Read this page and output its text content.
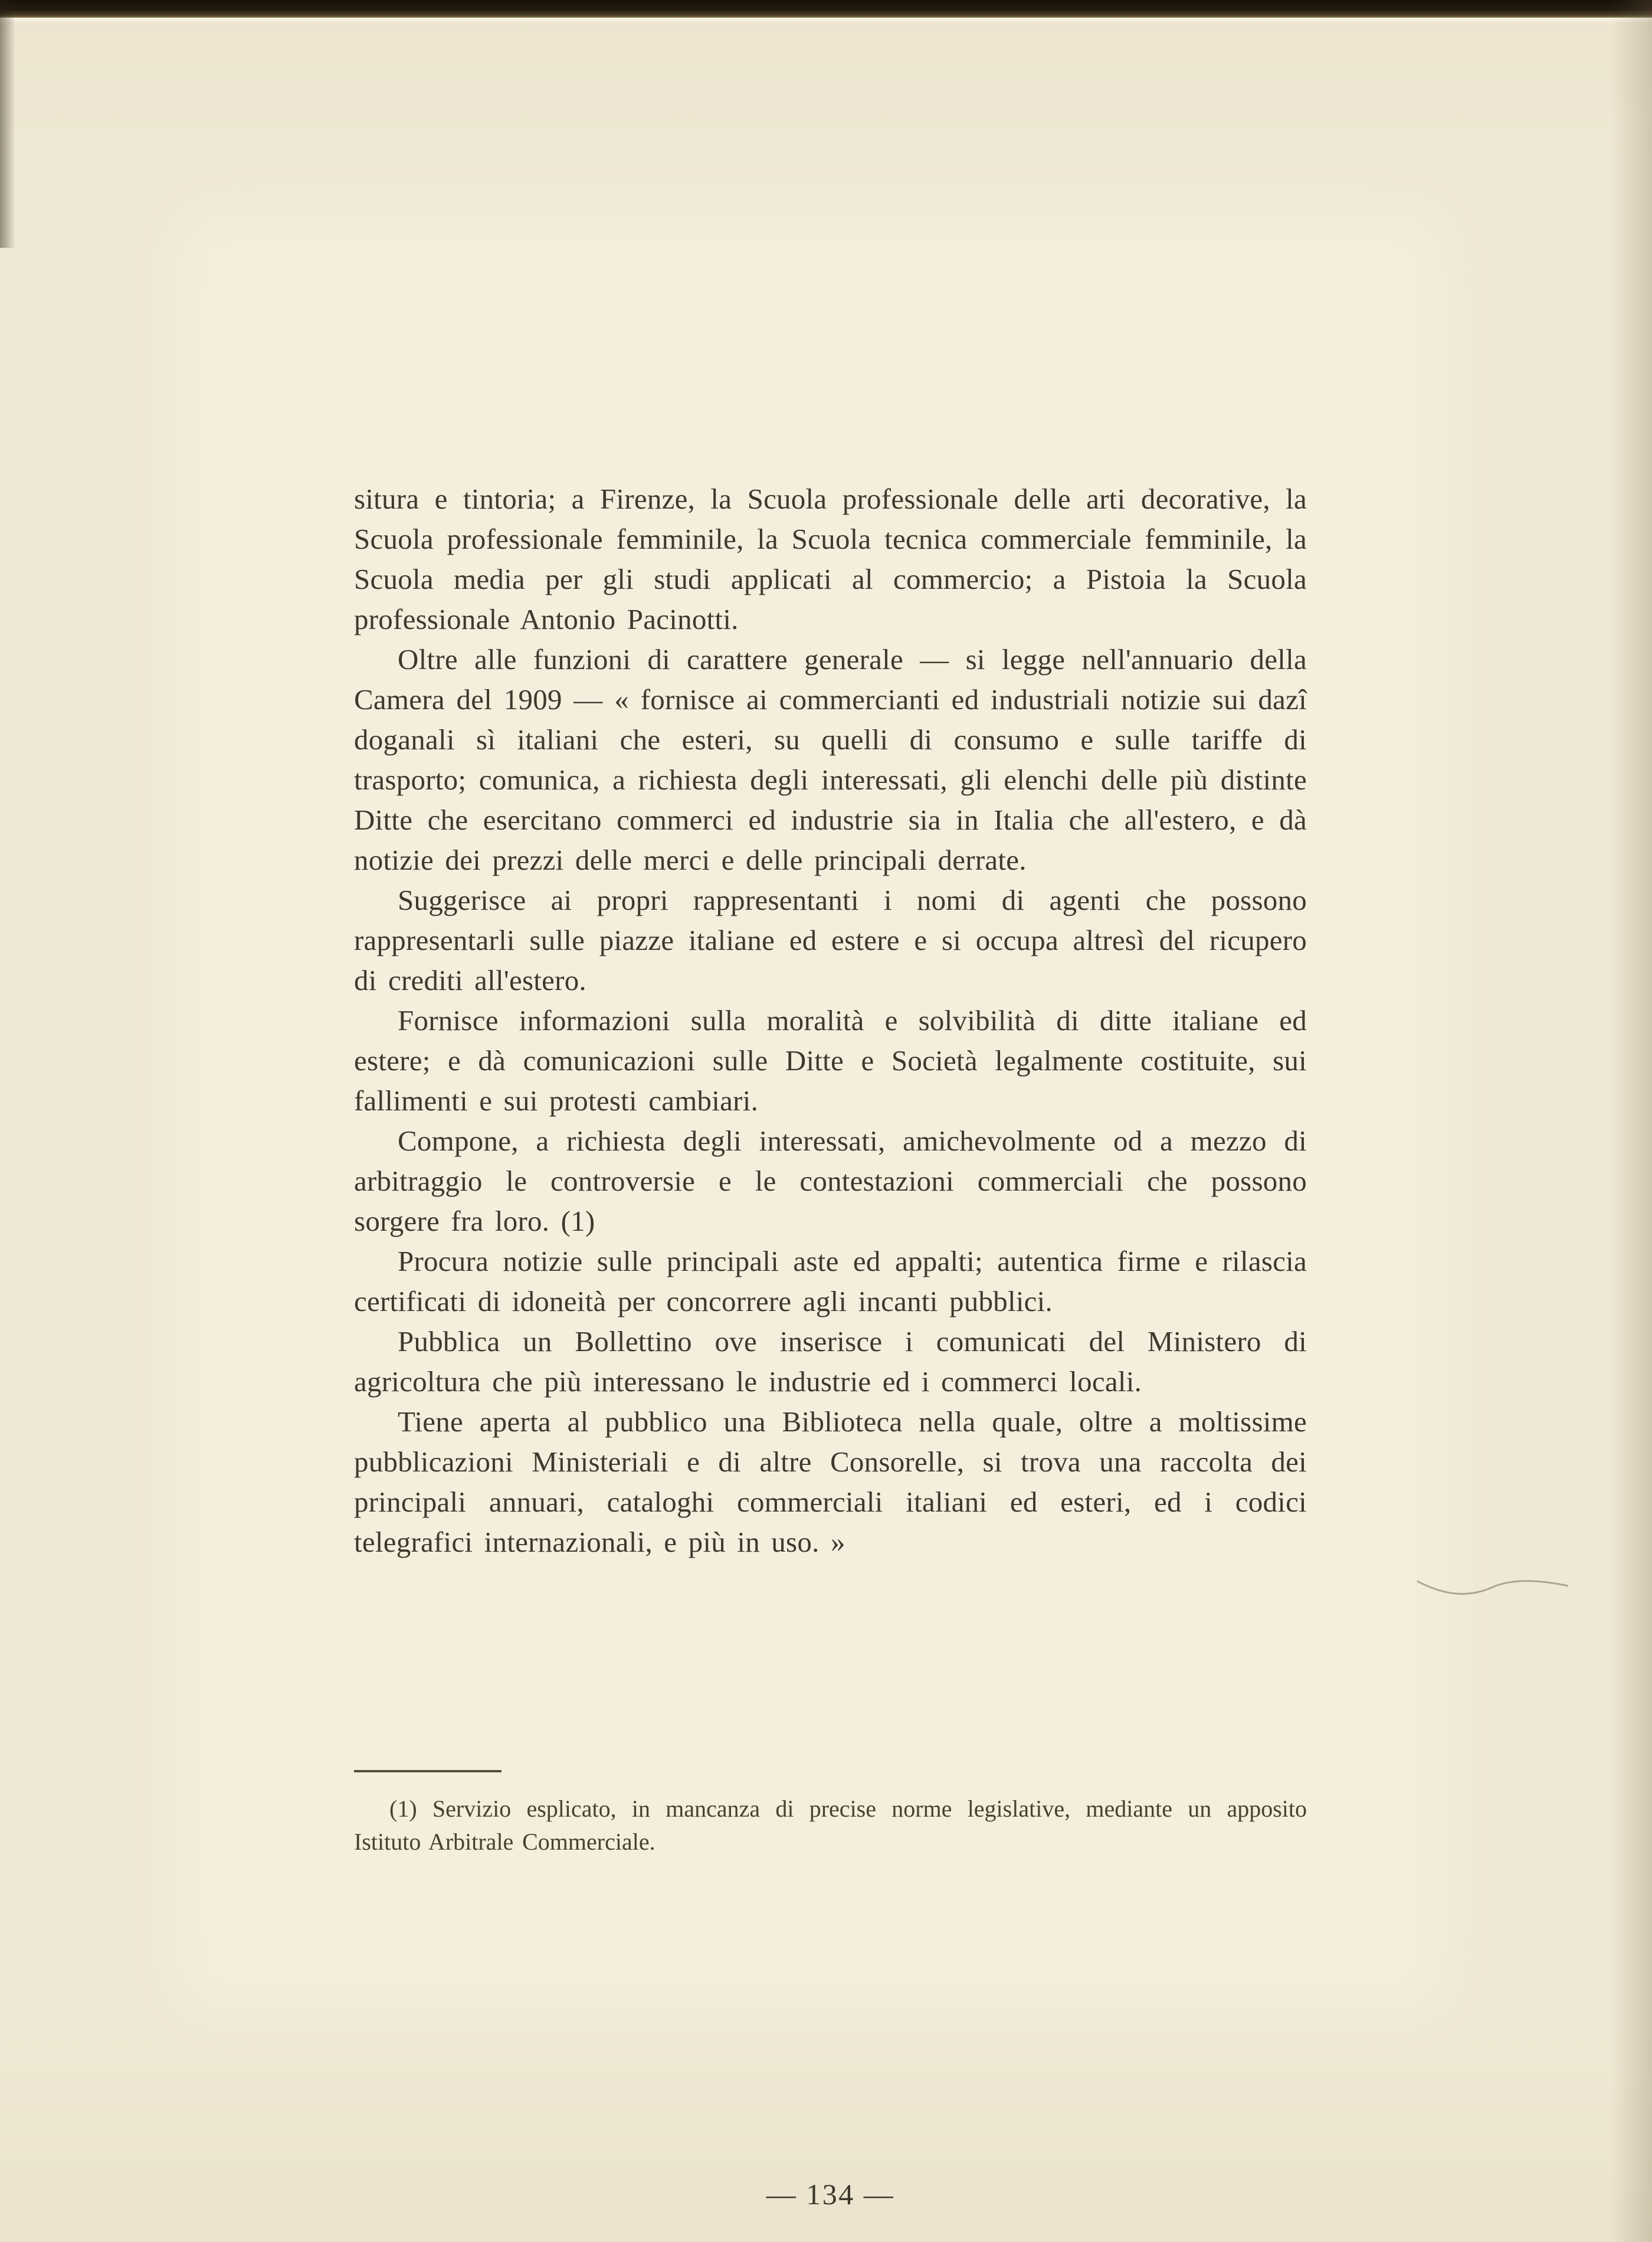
situra e tintoria; a Firenze, la Scuola professionale delle arti decorative, la Scuola professionale femminile, la Scuola tecnica commerciale femminile, la Scuola media per gli studi applicati al commercio; a Pistoia la Scuola professionale Antonio Pacinotti.

Oltre alle funzioni di carattere generale — si legge nell'annuario della Camera del 1909 — « fornisce ai commercianti ed industriali notizie sui dazî doganali sì italiani che esteri, su quelli di consumo e sulle tariffe di trasporto; comunica, a richiesta degli interessati, gli elenchi delle più distinte Ditte che esercitano commerci ed industrie sia in Italia che all'estero, e dà notizie dei prezzi delle merci e delle principali derrate.

Suggerisce ai propri rappresentanti i nomi di agenti che possono rappresentarli sulle piazze italiane ed estere e si occupa altresì del ricupero di crediti all'estero.

Fornisce informazioni sulla moralità e solvibilità di ditte italiane ed estere; e dà comunicazioni sulle Ditte e Società legalmente costituite, sui fallimenti e sui protesti cambiari.

Compone, a richiesta degli interessati, amichevolmente od a mezzo di arbitraggio le controversie e le contestazioni commerciali che possono sorgere fra loro. (1)

Procura notizie sulle principali aste ed appalti; autentica firme e rilascia certificati di idoneità per concorrere agli incanti pubblici.

Pubblica un Bollettino ove inserisce i comunicati del Ministero di agricoltura che più interessano le industrie ed i commerci locali.

Tiene aperta al pubblico una Biblioteca nella quale, oltre a moltissime pubblicazioni Ministeriali e di altre Consorelle, si trova una raccolta dei principali annuari, cataloghi commerciali italiani ed esteri, ed i codici telegrafici internazionali, e più in uso. »

(1) Servizio esplicato, in mancanza di precise norme legislative, mediante un apposito Istituto Arbitrale Commerciale.

— 134 —
